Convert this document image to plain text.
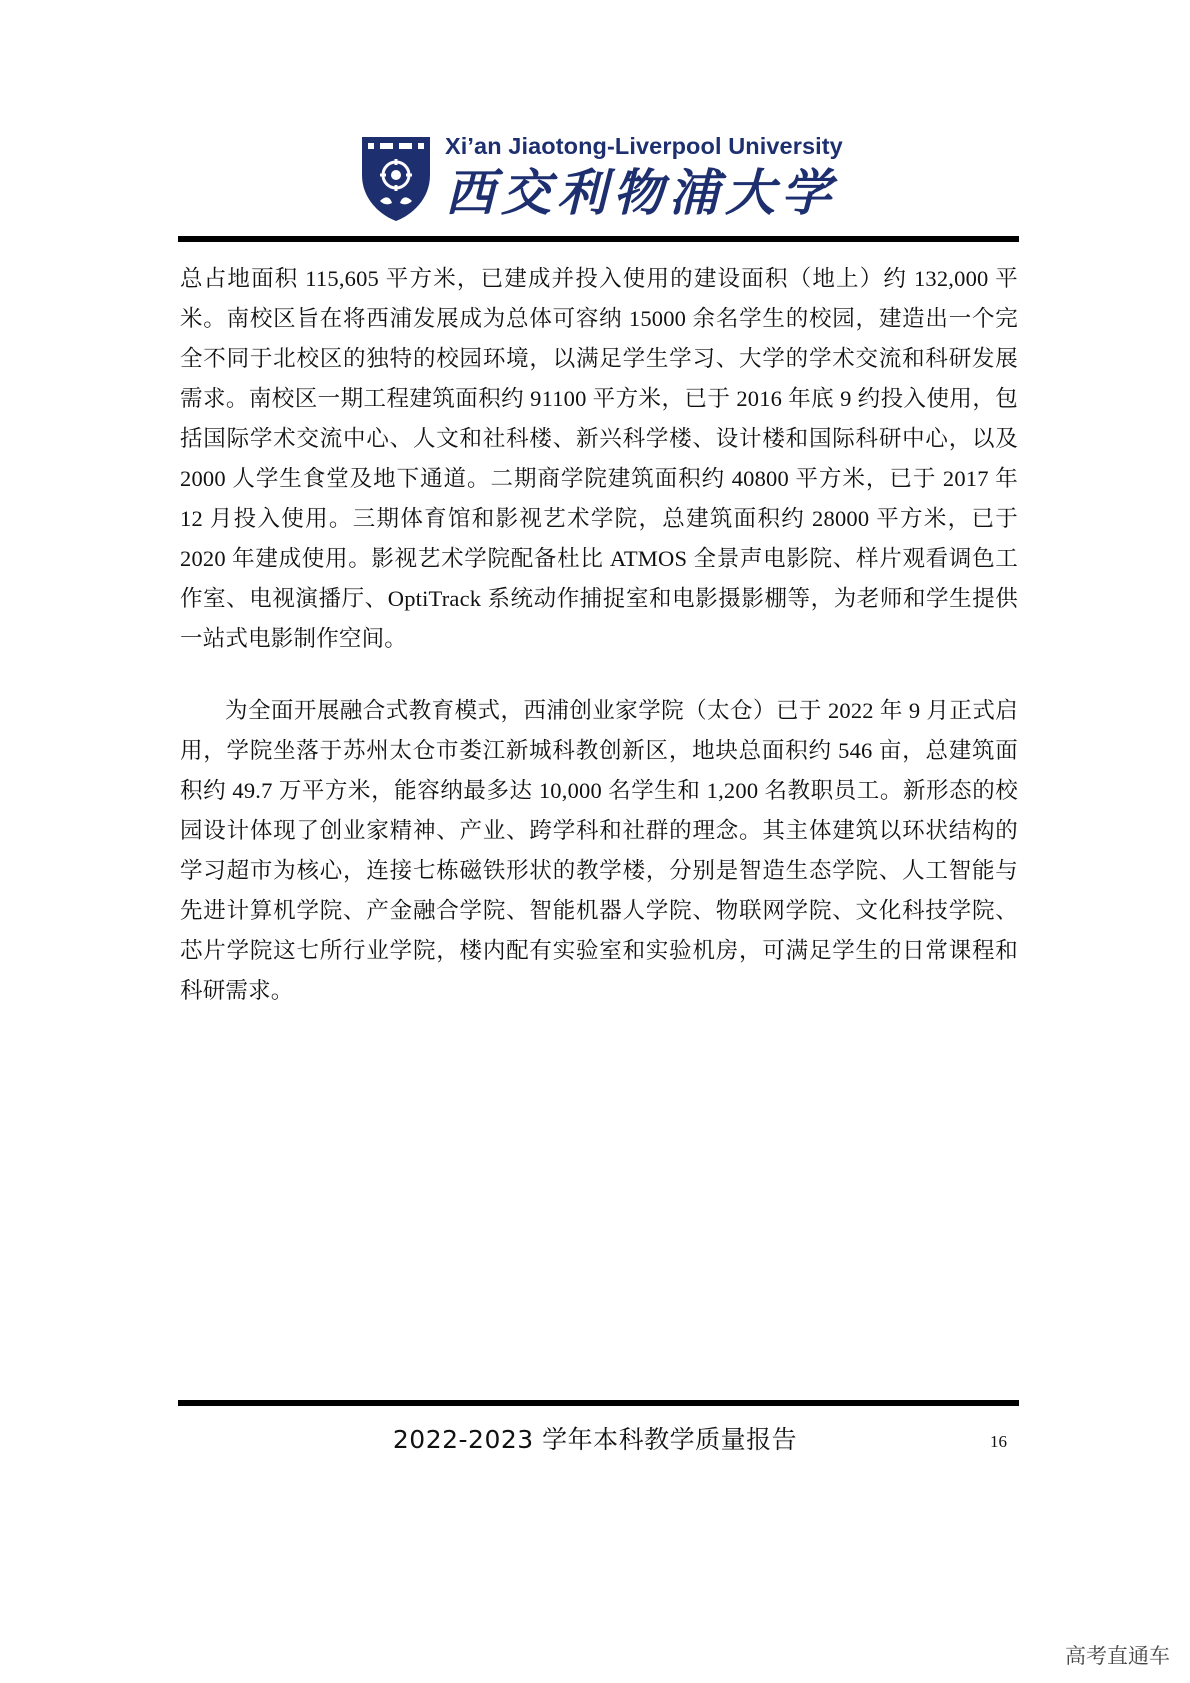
Xi’an Jiaotong-Liverpool University
西交利物浦大学

总占地面积 115,605 平方米，已建成并投入使用的建设面积（地上）约 132,000 平米。南校区旨在将西浦发展成为总体可容纳 15000 余名学生的校园，建造出一个完全不同于北校区的独特的校园环境，以满足学生学习、大学的学术交流和科研发展需求。南校区一期工程建筑面积约 91100 平方米，已于 2016 年底 9 约投入使用，包括国际学术交流中心、人文和社科楼、新兴科学楼、设计楼和国际科研中心，以及 2000 人学生食堂及地下通道。二期商学院建筑面积约 40800 平方米，已于 2017 年 12 月投入使用。三期体育馆和影视艺术学院，总建筑面积约 28000 平方米，已于 2020 年建成使用。影视艺术学院配备杜比 ATMOS 全景声电影院、样片观看调色工作室、电视演播厅、OptiTrack 系统动作捕捉室和电影摄影棚等，为老师和学生提供一站式电影制作空间。

为全面开展融合式教育模式，西浦创业家学院（太仓）已于 2022 年 9 月正式启用，学院坐落于苏州太仓市娄江新城科教创新区，地块总面积约 546 亩，总建筑面积约 49.7 万平方米，能容纳最多达 10,000 名学生和 1,200 名教职员工。新形态的校园设计体现了创业家精神、产业、跨学科和社群的理念。其主体建筑以环状结构的学习超市为核心，连接七栋磁铁形状的教学楼，分别是智造生态学院、人工智能与先进计算机学院、产金融合学院、智能机器人学院、物联网学院、文化科技学院、芯片学院这七所行业学院，楼内配有实验室和实验机房，可满足学生的日常课程和科研需求。

2022-2023 学年本科教学质量报告	16
高考直通车
